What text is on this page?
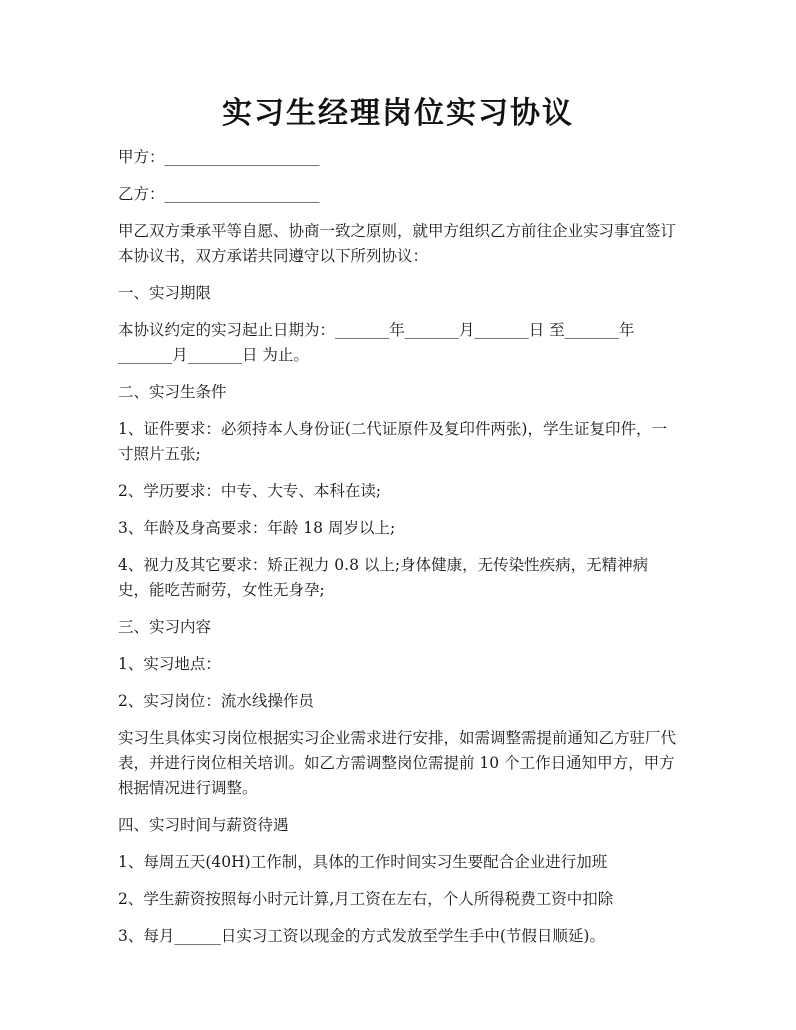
实习生经理岗位实习协议

甲方：____________________

乙方：____________________

甲乙双方秉承平等自愿、协商一致之原则，就甲方组织乙方前往企业实习事宜签订本协议书，双方承诺共同遵守以下所列协议：

一、实习期限

本协议约定的实习起止日期为：_______年_______月_______日 至_______年_______月_______日 为止。

二、实习生条件

1、证件要求：必须持本人身份证(二代证原件及复印件两张)，学生证复印件，一寸照片五张;

2、学历要求：中专、大专、本科在读;

3、年龄及身高要求：年龄 18 周岁以上;

4、视力及其它要求：矫正视力 0.8 以上;身体健康，无传染性疾病，无精神病史，能吃苦耐劳，女性无身孕;

三、实习内容

1、实习地点：

2、实习岗位：流水线操作员

实习生具体实习岗位根据实习企业需求进行安排，如需调整需提前通知乙方驻厂代表，并进行岗位相关培训。如乙方需调整岗位需提前 10 个工作日通知甲方，甲方根据情况进行调整。

四、实习时间与薪资待遇

1、每周五天(40H)工作制，具体的工作时间实习生要配合企业进行加班

2、学生薪资按照每小时元计算,月工资在左右，个人所得税费工资中扣除

3、每月______日实习工资以现金的方式发放至学生手中(节假日顺延)。
